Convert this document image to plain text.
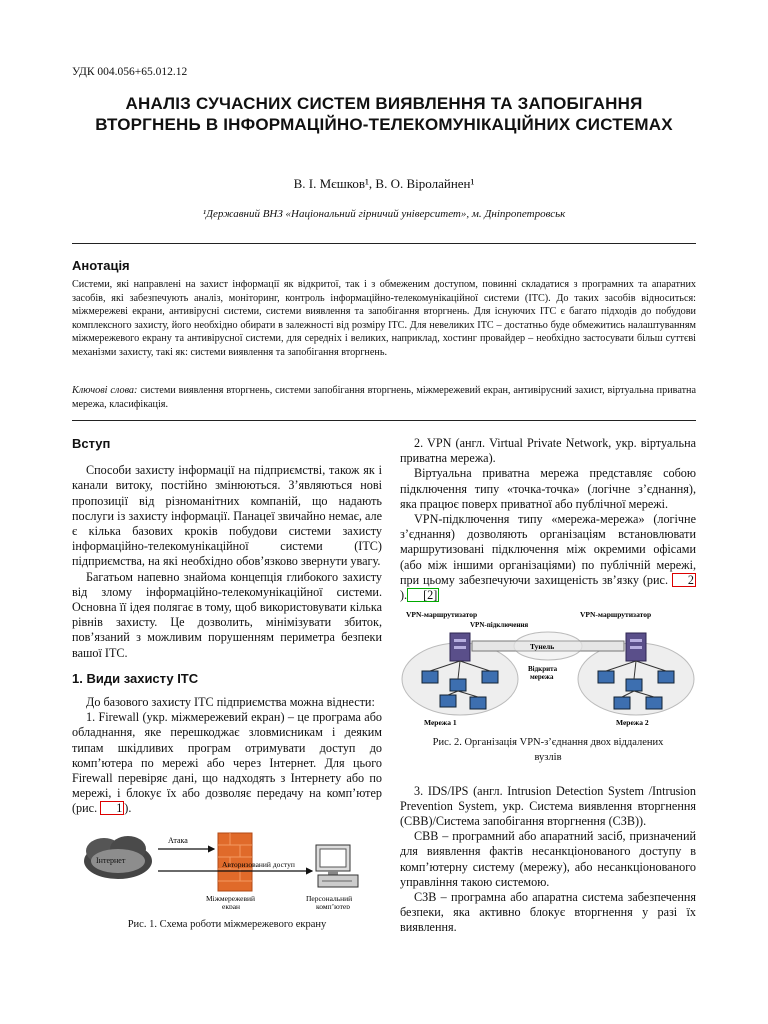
УДК 004.056+65.012.12
АНАЛІЗ СУЧАСНИХ СИСТЕМ ВИЯВЛЕННЯ ТА ЗАПОБІГАННЯ ВТОРГНЕНЬ В ІНФОРМАЦІЙНО-ТЕЛЕКОМУНІКАЦІЙНИХ СИСТЕМАХ
В. І. Мєшков¹, В. О. Віролайнен¹
¹Державний ВНЗ «Національний гірничий університет», м. Дніпропетровськ
Анотація
Системи, які направлені на захист інформації як відкритої, так і з обмеженим доступом, повинні складатися з програмних та апаратних засобів, які забезпечують аналіз, моніторинг, контроль інформаційно-телекомунікаційної системи (ІТС). До таких засобів відноситься: міжмережеві екрани, антивірусні системи, системи виявлення та запобігання вторгнень. Для існуючих ІТС є багато підходів до побудови комплексного захисту, його необхідно обирати в залежності від розміру ІТС. Для невеликих ІТС – достатньо буде обмежитись налаштуванням міжмережевого екрану та антивірусної системи, для середніх і великих, наприклад, хостинг провайдер – необхідно застосувати більш суттєві механізми захисту, такі як: системи виявлення та запобігання вторгнень.
Ключові слова: системи виявлення вторгнень, системи запобігання вторгнень, міжмережевий екран, антивірусний захист, віртуальна приватна мережа, класифікація.
Вступ

Способи захисту інформації на підприємстві, також як і канали витоку, постійно змінюються. З’являються нові пропозиції від різноманітних компаній, що надають послуги із захисту інформації. Панацеї звичайно немає, але є кілька базових кроків побудови системи захисту інформаційно-телекомунікаційної системи (ІТС) підприємства, на які необхідно обов’язково звернути увагу.

Багатьом напевно знайома концепція глибокого захисту від злому інформаційно-телекомунікаційної системи. Основна її ідея полягає в тому, щоб використовувати кілька рівнів захисту. Це дозволить, мінімізувати збиток, пов’язаний з можливим порушенням периметра безпеки вашої ІТС.

1. Види захисту ІТС

До базового захисту ІТС підприємства можна віднести:

1. Firewall (укр. міжмережевий екран) – це програма або обладнання, яке перешкоджає зловмисникам і деяким типам шкідливих програм отримувати доступ до комп’ютера по мережі або через Інтернет. Для цього Firewall перевіряє дані, що надходять з Інтернету або по мережі, і блокує їх або дозволяє передачу на комп’ютер (рис. 1 ).

Інтернет
Атака
Авторизований доступ
Міжмережевий
екран
Персональний
комп’ютер
Рис. 1. Схема роботи міжмережевого екрану

2. VPN (англ. Virtual Private Network, укр. віртуальна приватна мережа).

Віртуальна приватна мережа представляє собою підключення типу «точка-точка» (логічне з’єднання), яка працює поверх приватної або публічної мережі.

VPN-підключення типу «мережа-мережа» (логічне з’єднання) дозволяють організаціям встановлювати маршрутизовані підключення між окремими офісами (або між іншими організаціями) по публічній мережі, при цьому забезпечуючи захищеність зв’язку (рис. 2). [2]

VPN-маршрутизатор	VPN-маршрутизатор
VPN-підключення
Тунель
Відкрита
мережа
Мережа 1	Мережа 2
Рис. 2. Організація VPN-з’єднання двох віддалених
вузлів

3. IDS/IPS (англ. Intrusion Detection System /Intrusion Prevention System, укр. Система виявлення вторгнення (СВВ)/Система запобігання вторгнення (СЗВ)).

СВВ – програмний або апаратний засіб, призначений для виявлення фактів несанкціонованого доступу в комп’ютерну систему (мережу), або несанкціонованого управління такою системою.

СЗВ – програмна або апаратна система забезпечення безпеки, яка активно блокує вторгнення у разі їх виявлення.
